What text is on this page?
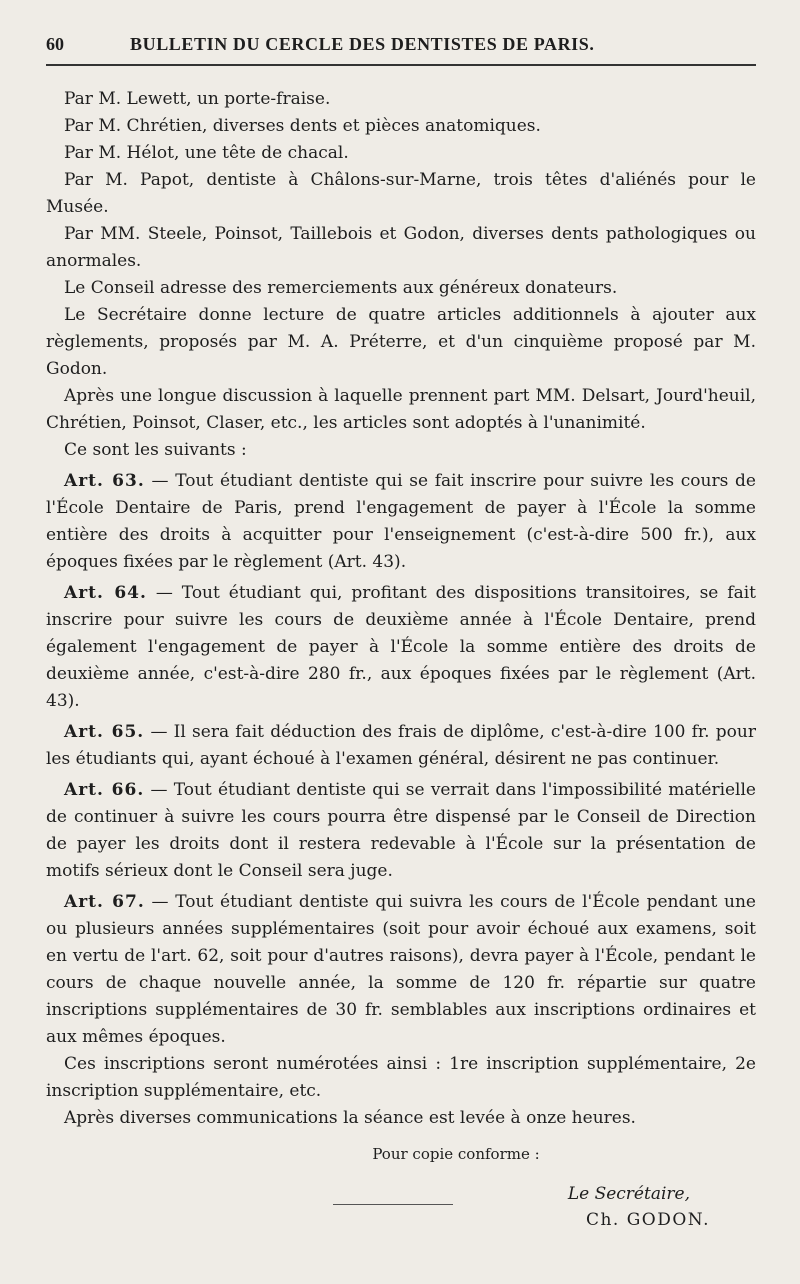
60	BULLETIN DU CERCLE DES DENTISTES DE PARIS.

Par M. Lewett, un porte-fraise.

Par M. Chrétien, diverses dents et pièces anatomiques.

Par M. Hélot, une tête de chacal.

Par M. Papot, dentiste à Châlons-sur-Marne, trois têtes d'aliénés pour le Musée.

Par MM. Steele, Poinsot, Taillebois et Godon, diverses dents pathologiques ou anormales.

Le Conseil adresse des remerciements aux généreux donateurs.

Le Secrétaire donne lecture de quatre articles additionnels à ajouter aux règlements, proposés par M. A. Préterre, et d'un cinquième proposé par M. Godon.

Après une longue discussion à laquelle prennent part MM. Delsart, Jourd'heuil, Chrétien, Poinsot, Claser, etc., les articles sont adoptés à l'unanimité.

Ce sont les suivants :

Art. 63. — Tout étudiant dentiste qui se fait inscrire pour suivre les cours de l'École Dentaire de Paris, prend l'engagement de payer à l'École la somme entière des droits à acquitter pour l'enseignement (c'est-à-dire 500 fr.), aux époques fixées par le règlement (Art. 43).

Art. 64. — Tout étudiant qui, profitant des dispositions transitoires, se fait inscrire pour suivre les cours de deuxième année à l'École Dentaire, prend également l'engagement de payer à l'École la somme entière des droits de deuxième année, c'est-à-dire 280 fr., aux époques fixées par le règlement (Art. 43).

Art. 65. — Il sera fait déduction des frais de diplôme, c'est-à-dire 100 fr. pour les étudiants qui, ayant échoué à l'examen général, désirent ne pas continuer.

Art. 66. — Tout étudiant dentiste qui se verrait dans l'impossibilité matérielle de continuer à suivre les cours pourra être dispensé par le Conseil de Direction de payer les droits dont il restera redevable à l'École sur la présentation de motifs sérieux dont le Conseil sera juge.

Art. 67. — Tout étudiant dentiste qui suivra les cours de l'École pendant une ou plusieurs années supplémentaires (soit pour avoir échoué aux examens, soit en vertu de l'art. 62, soit pour d'autres raisons), devra payer à l'École, pendant le cours de chaque nouvelle année, la somme de 120 fr. répartie sur quatre inscriptions supplémentaires de 30 fr. semblables aux inscriptions ordinaires et aux mêmes époques.

Ces inscriptions seront numérotées ainsi : 1re inscription supplémentaire, 2e inscription supplémentaire, etc.

Après diverses communications la séance est levée à onze heures.

Pour copie conforme :

Le Secrétaire,

Ch. GODON.
